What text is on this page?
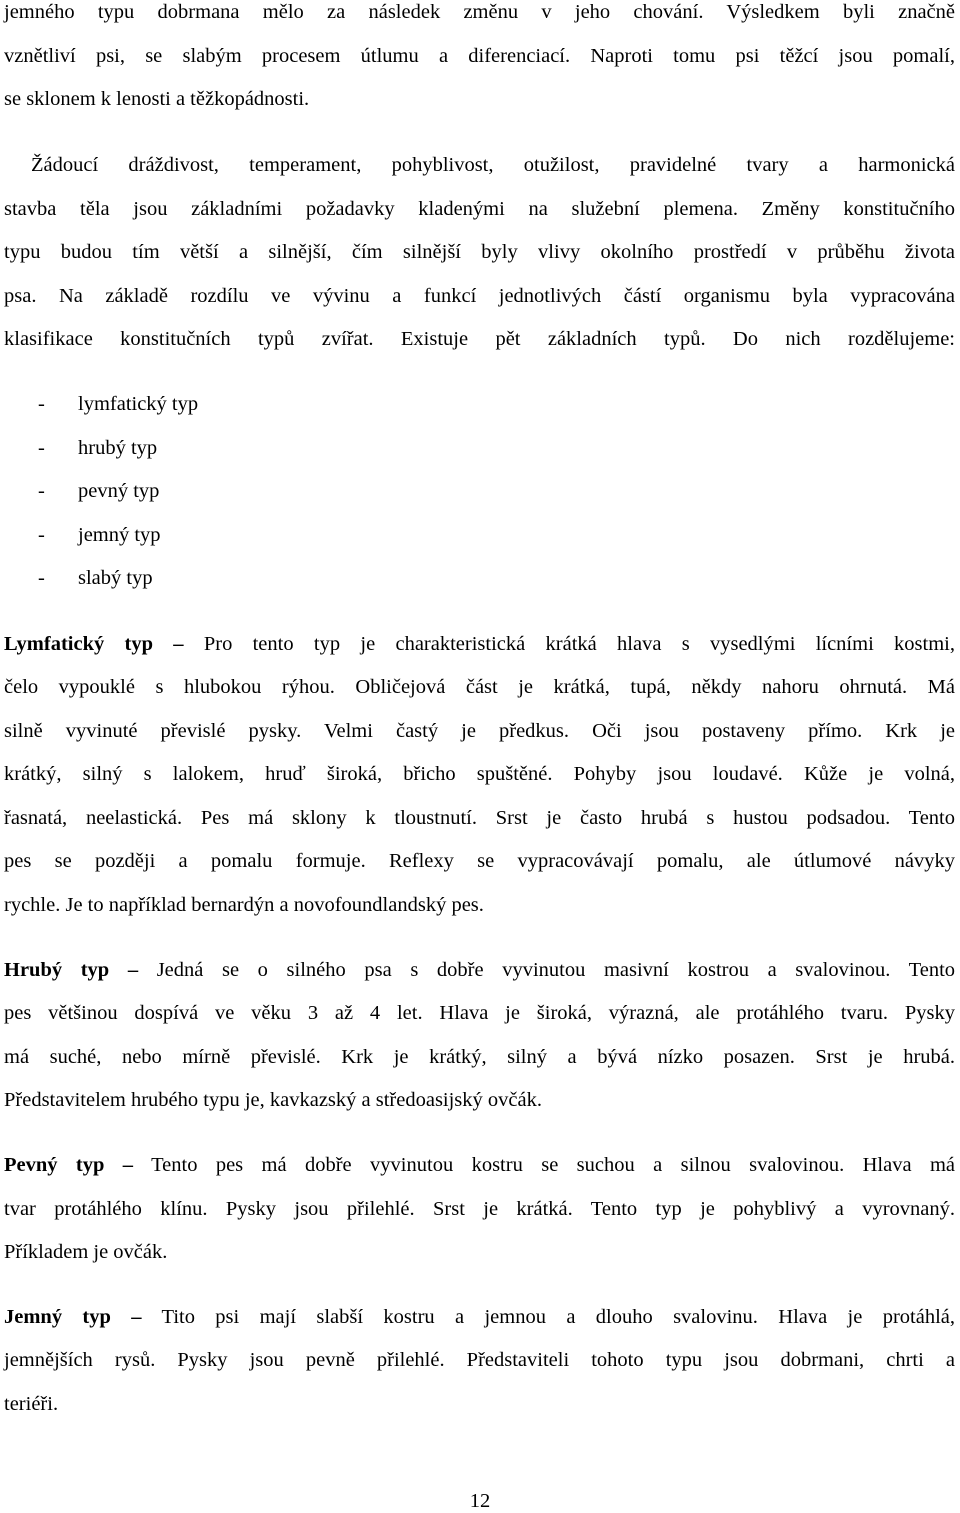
jemného typu dobrmana mělo za následek změnu v jeho chování. Výsledkem byli značně
vznětliví psi, se slabým procesem útlumu a diferenciací. Naproti tomu psi těžcí jsou pomalí,
se sklonem k lenosti a těžkopádnosti.
Žádoucí dráždivost, temperament, pohyblivost, otužilost, pravidelné tvary a harmonická
stavba těla jsou základními požadavky kladenými na služební plemena. Změny konstitučního
typu budou tím větší a silnější, čím silnější byly vlivy okolního prostředí v průběhu života
psa. Na základě rozdílu ve vývinu a funkcí jednotlivých částí organismu byla vypracována
klasifikace konstitučních typů zvířat. Existuje pět základních typů. Do nich rozdělujeme:
- lymfatický typ
- hrubý typ
- pevný typ
- jemný typ
- slabý typ
Lymfatický typ – Pro tento typ je charakteristická krátká hlava s vysedlými lícními kostmi,
čelo vypouklé s hlubokou rýhou. Obličejová část je krátká, tupá, někdy nahoru ohrnutá. Má
silně vyvinuté převislé pysky. Velmi častý je předkus. Oči jsou postaveny přímo. Krk je
krátký, silný s lalokem, hruď široká, břicho spuštěné. Pohyby jsou loudavé. Kůže je volná,
řasnatá, neelastická. Pes má sklony k tloustnutí. Srst je často hrubá s hustou podsadou. Tento
pes se později a pomalu formuje. Reflexy se vypracovávají pomalu, ale útlumové návyky
rychle. Je to například bernardýn a novofoundlandský pes.
Hrubý typ – Jedná se o silného psa s dobře vyvinutou masivní kostrou a svalovinou. Tento
pes většinou dospívá ve věku 3 až 4 let. Hlava je široká, výrazná, ale protáhlého tvaru. Pysky
má suché, nebo mírně převislé. Krk je krátký, silný a bývá nízko posazen. Srst je hrubá.
Představitelem hrubého typu je, kavkazský a středoasijský ovčák.
Pevný typ – Tento pes má dobře vyvinutou kostru se suchou a silnou svalovinou. Hlava má
tvar protáhlého klínu. Pysky jsou přilehlé. Srst je krátká. Tento typ je pohyblivý a vyrovnaný.
Příkladem je ovčák.
Jemný typ – Tito psi mají slabší kostru a jemnou a dlouho svalovinu. Hlava je protáhlá,
jemnějších rysů. Pysky jsou pevně přilehlé. Představiteli tohoto typu jsou dobrmani, chrti a
teriéři.
12
